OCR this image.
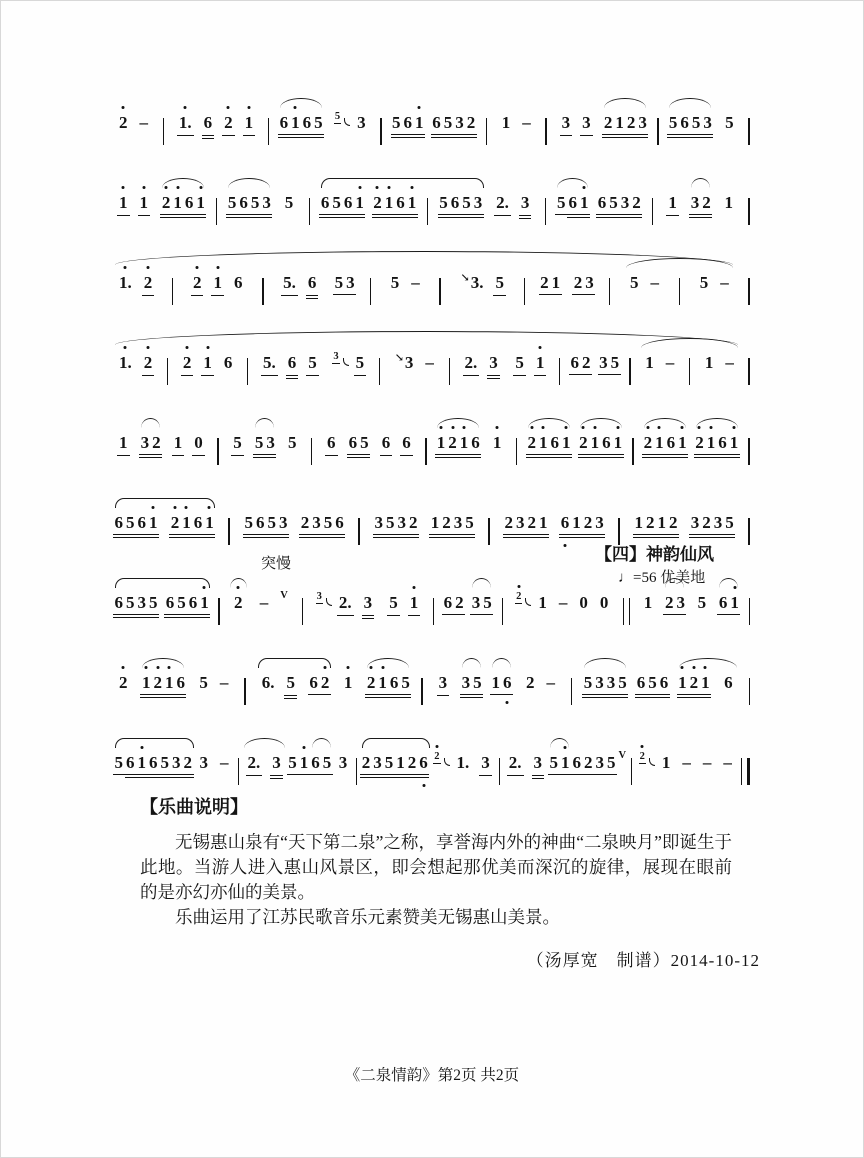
2 – 1. 6 2 1 6 1 6 5 5 3 5 6 1 6 5 3 2 1 – 3 3 2 1 2 3 5 6 5 3 5
1 1 2 1 6 1 5 6 5 3 5 6 5 6 1 2 1 6 1 5 6 5 3 2. 3 5 6 1 6 5 3 2 1 3 2 1
1. 2 2 1 6 5. 6 5 3 5 –	↘3. 5 2 1 2 3 5 – 5 –
1. 2 2 1 6 5. 6 5 3 5	↘3 – 2. 3 5 1 6 2 3 5 1 – 1 –
1 3 2 1 0 5 5 3 5 6 6 5 6 6 1 2 1 6 1 2 1 6 1 2 1 6 1 2 1 6 1 2 1 6 1
6 5 6 1 2 1 6 1 5 6 5 3 2 3 5 6 3 5 3 2 1 2 3 5 2 3 2 1 6 1 2 3 1 2 1 2 3 2 3 5
6 5 3 5 6 5 6 1 2 – V	3 2. 3 5 1 6 2 3 5 2 1 – 0 0 1 2 3 5 6 1
突慢	【四】神韵仙风
♩=56 优美地
2 1 2 1 6 5 – 6. 5 6 2 1 2 1 6 5 3 3 5 1 6 2 – 5 3 3 5 6 5 6 1 2 1 6
5 6 1 6 5 3 2 3 – 2. 3 5 1 6 5 3 2 3 5 1 2 6 2 1. 3 2. 3 5 1 6 2 3 5 V 2 1 – – –
【乐曲说明】

无锡惠山泉有“天下第二泉”之称，享誉海内外的神曲“二泉映月”即诞生于此地。当游人进入惠山风景区，即会想起那优美而深沉的旋律，展现在眼前的是亦幻亦仙的美景。

乐曲运用了江苏民歌音乐元素赞美无锡惠山美景。

（汤厚宽　制谱）2014-10-12
《二泉情韵》第2页 共2页
